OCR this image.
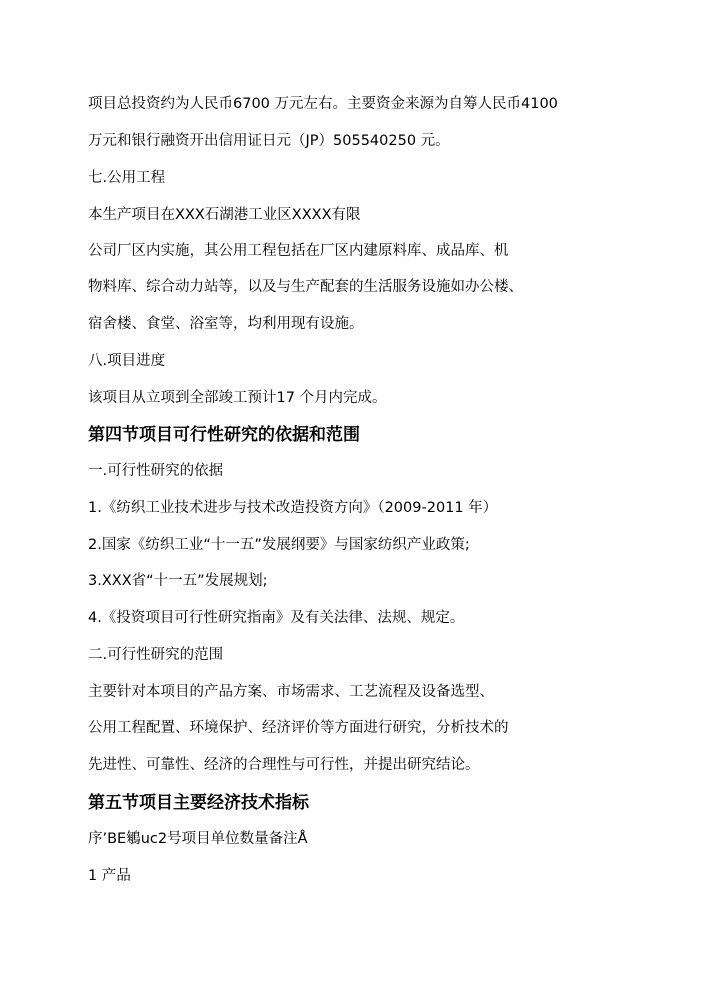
项目总投资约为人民币6700 万元左右。主要资金来源为自筹人民币4100
万元和银行融资开出信用证日元（JP）505540250 元。
七.公用工程
本生产项目在XXX石湖港工业区XXXX有限
公司厂区内实施，其公用工程包括在厂区内建原料库、成品库、机
物料库、综合动力站等，以及与生产配套的生活服务设施如办公楼、
宿舍楼、食堂、浴室等，均利用现有设施。
八.项目进度
该项目从立项到全部竣工预计17 个月内完成。
第四节项目可行性研究的依据和范围
一.可行性研究的依据
1.《纺织工业技术进步与技术改造投资方向》（2009-2011 年）
2.国家《纺织工业“十一五”发展纲要》与国家纺织产业政策;
3.XXX省“十一五”发展规划;
4.《投资项目可行性研究指南》及有关法律、法规、规定。
二.可行性研究的范围
主要针对本项目的产品方案、市场需求、工艺流程及设备选型、
公用工程配置、环境保护、经济评价等方面进行研究，分析技术的
先进性、可靠性、经济的合理性与可行性，并提出研究结论。
第五节项目主要经济技术指标
序’BE鵴uc2号项目单位数量备注Å
1 产品
